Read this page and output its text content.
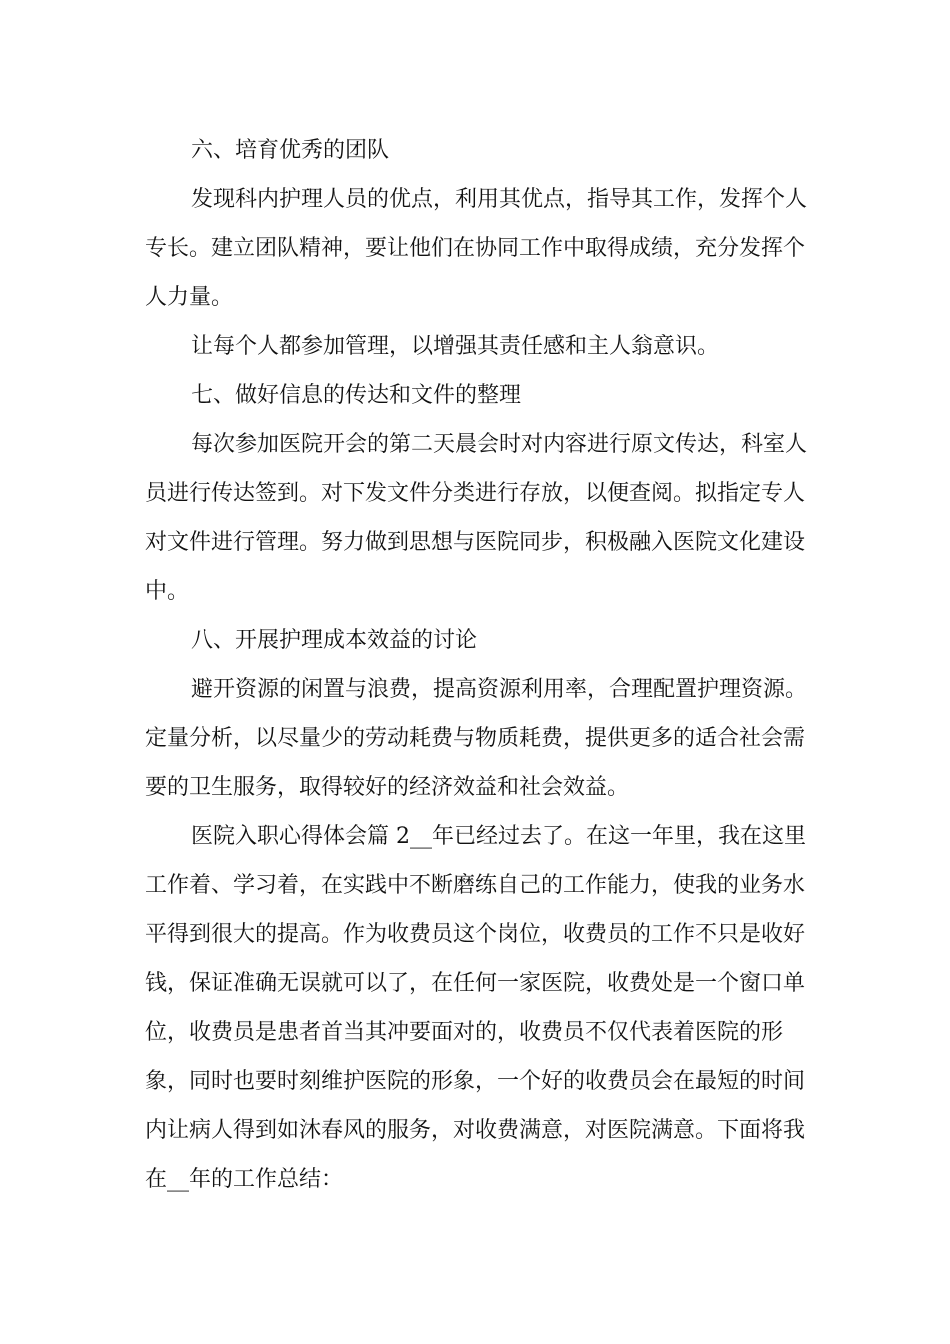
六、培育优秀的团队

发现科内护理人员的优点，利用其优点，指导其工作，发挥个人专长。建立团队精神，要让他们在协同工作中取得成绩，充分发挥个人力量。

让每个人都参加管理，以增强其责任感和主人翁意识。

七、做好信息的传达和文件的整理

每次参加医院开会的第二天晨会时对内容进行原文传达，科室人员进行传达签到。对下发文件分类进行存放，以便查阅。拟指定专人对文件进行管理。努力做到思想与医院同步，积极融入医院文化建设中。

八、开展护理成本效益的讨论

避开资源的闲置与浪费，提高资源利用率，合理配置护理资源。定量分析，以尽量少的劳动耗费与物质耗费，提供更多的适合社会需要的卫生服务，取得较好的经济效益和社会效益。

医院入职心得体会篇 2__年已经过去了。在这一年里，我在这里工作着、学习着，在实践中不断磨练自己的工作能力，使我的业务水平得到很大的提高。作为收费员这个岗位，收费员的工作不只是收好钱，保证准确无误就可以了，在任何一家医院，收费处是一个窗口单位，收费员是患者首当其冲要面对的，收费员不仅代表着医院的形象，同时也要时刻维护医院的形象，一个好的收费员会在最短的时间内让病人得到如沐春风的服务，对收费满意，对医院满意。下面将我在__年的工作总结：
